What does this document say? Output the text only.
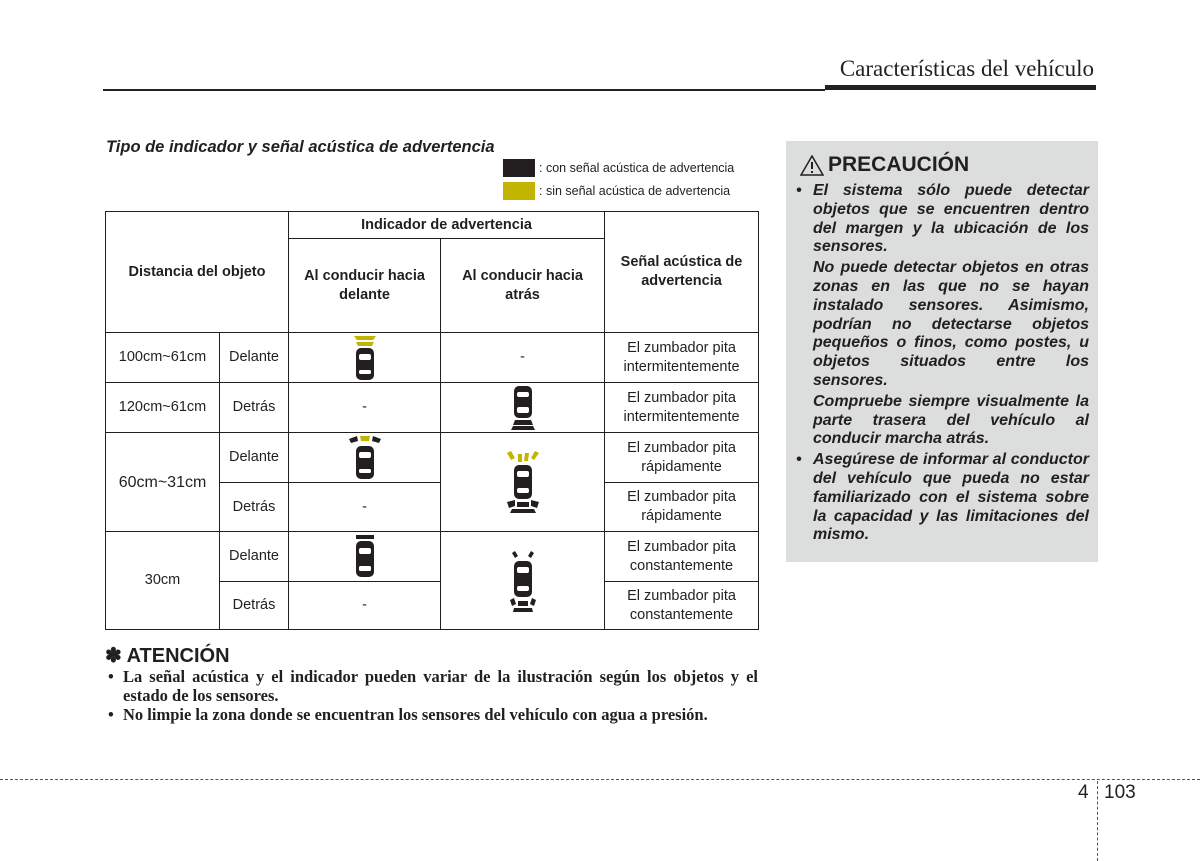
Características del vehículo
Tipo de indicador y señal acústica de advertencia
: con señal acústica de advertencia
: sin señal acústica de advertencia
Distancia del objeto		Indicador de advertencia		Señal acústica de advertencia
		Al conducir hacia delante	Al conducir hacia atrás	
100cm~61cm	Delante		-	El zumbador pita intermitentemente
120cm~61cm	Detrás	-		El zumbador pita intermitentemente
60cm~31cm	Delante			El zumbador pita rápidamente
	Detrás	-		El zumbador pita rápidamente
30cm	Delante			El zumbador pita constantemente
	Detrás	-		El zumbador pita constantemente
PRECAUCIÓN

• El sistema sólo puede detectar objetos que se encuentren dentro del margen y la ubicación de los sensores.

No puede detectar objetos en otras zonas en las que no se hayan instalado sensores. Asimismo, podrían no detectarse objetos pequeños o finos, como postes, u objetos situados entre los sensores.

Compruebe siempre visualmente la parte trasera del vehículo al conducir marcha atrás.

• Asegúrese de informar al conductor del vehículo que pueda no estar familiarizado con el sistema sobre la capacidad y las limitaciones del mismo.

✽ ATENCIÓN

• La señal acústica y el indicador pueden variar de la ilustración según los objetos y el estado de los sensores.

• No limpie la zona donde se encuentran los sensores del vehículo con agua a presión.

4 103
